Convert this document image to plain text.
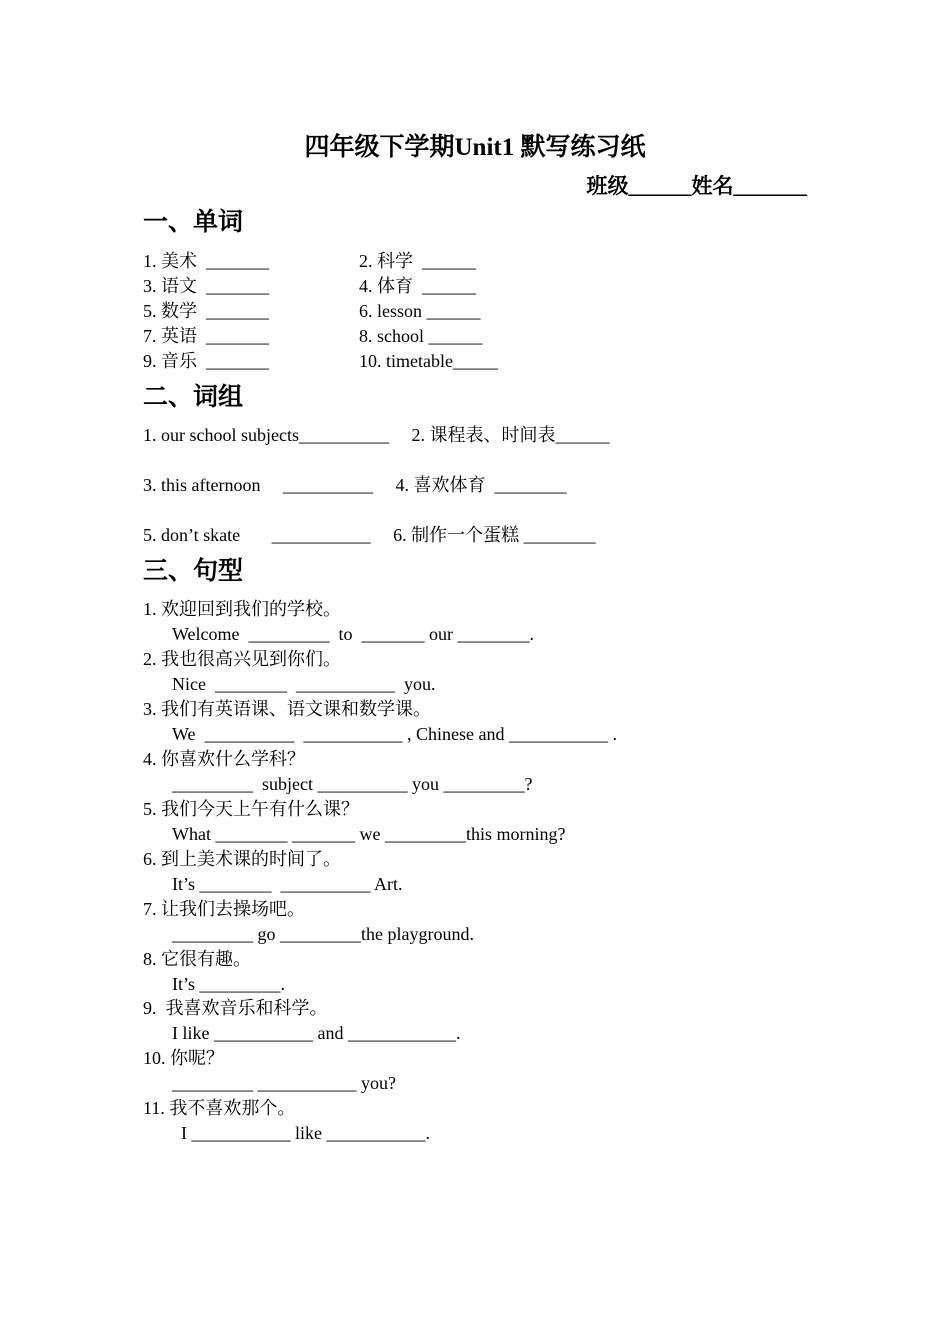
四年级下学期Unit1 默写练习纸
班级______姓名_______
一、单词
1. 美术  _______	2. 科学  ______
3. 语文  _______	4. 体育  ______
5. 数学  _______	6. lesson ______
7. 英语  _______	8. school ______
9. 音乐  _______	10. timetable_____
二、词组
1. our school subjects__________     2. 课程表、时间表______
3. this afternoon     __________     4. 喜欢体育  ________
5. don’t skate       ___________     6. 制作一个蛋糕 ________
三、句型
1. 欢迎回到我们的学校。
Welcome  _________  to  _______ our ________.
2. 我也很高兴见到你们。
Nice  ________  ___________  you.
3. 我们有英语课、语文课和数学课。
We  __________  ___________ , Chinese and ___________ .
4. 你喜欢什么学科？
_________  subject __________ you _________?
5. 我们今天上午有什么课？
What ________ _______ we _________this morning?
6. 到上美术课的时间了。
It’s ________  __________ Art.
7. 让我们去操场吧。
_________ go _________the playground.
8. 它很有趣。
It’s _________.
9.  我喜欢音乐和科学。
I like ___________ and ____________.
10. 你呢？
_________ ___________ you?
11. 我不喜欢那个。
I ___________ like ___________.
